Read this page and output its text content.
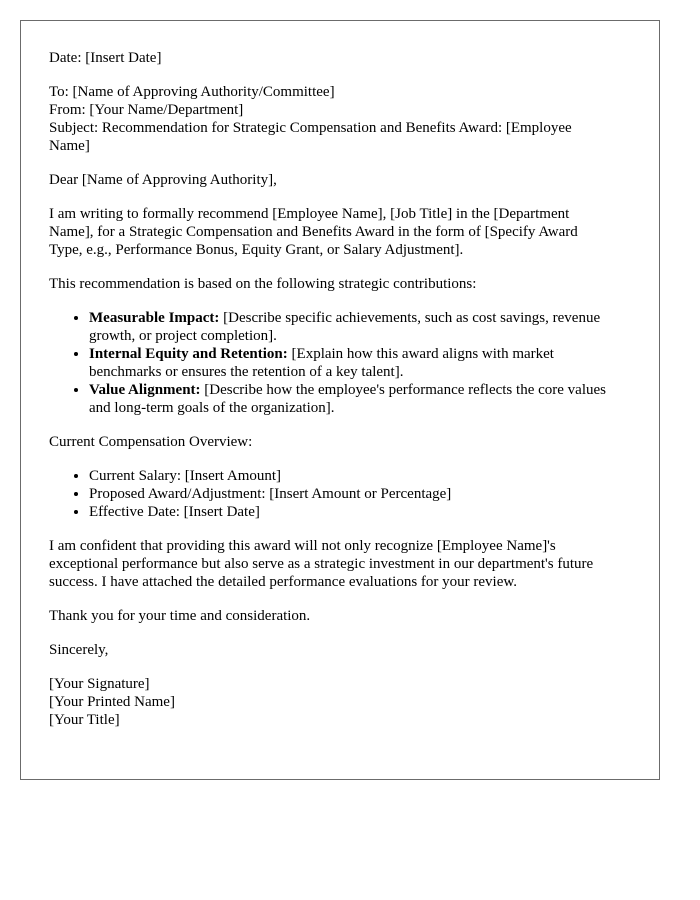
Date: [Insert Date]

To: [Name of Approving Authority/Committee]
From: [Your Name/Department]
Subject: Recommendation for Strategic Compensation and Benefits Award: [Employee Name]

Dear [Name of Approving Authority],

I am writing to formally recommend [Employee Name], [Job Title] in the [Department Name], for a Strategic Compensation and Benefits Award in the form of [Specify Award Type, e.g., Performance Bonus, Equity Grant, or Salary Adjustment].

This recommendation is based on the following strategic contributions:

• Measurable Impact: [Describe specific achievements, such as cost savings, revenue growth, or project completion].
• Internal Equity and Retention: [Explain how this award aligns with market benchmarks or ensures the retention of a key talent].
• Value Alignment: [Describe how the employee's performance reflects the core values and long-term goals of the organization].

Current Compensation Overview:

• Current Salary: [Insert Amount]
• Proposed Award/Adjustment: [Insert Amount or Percentage]
• Effective Date: [Insert Date]

I am confident that providing this award will not only recognize [Employee Name]'s exceptional performance but also serve as a strategic investment in our department's future success. I have attached the detailed performance evaluations for your review.

Thank you for your time and consideration.

Sincerely,

[Your Signature]
[Your Printed Name]
[Your Title]
